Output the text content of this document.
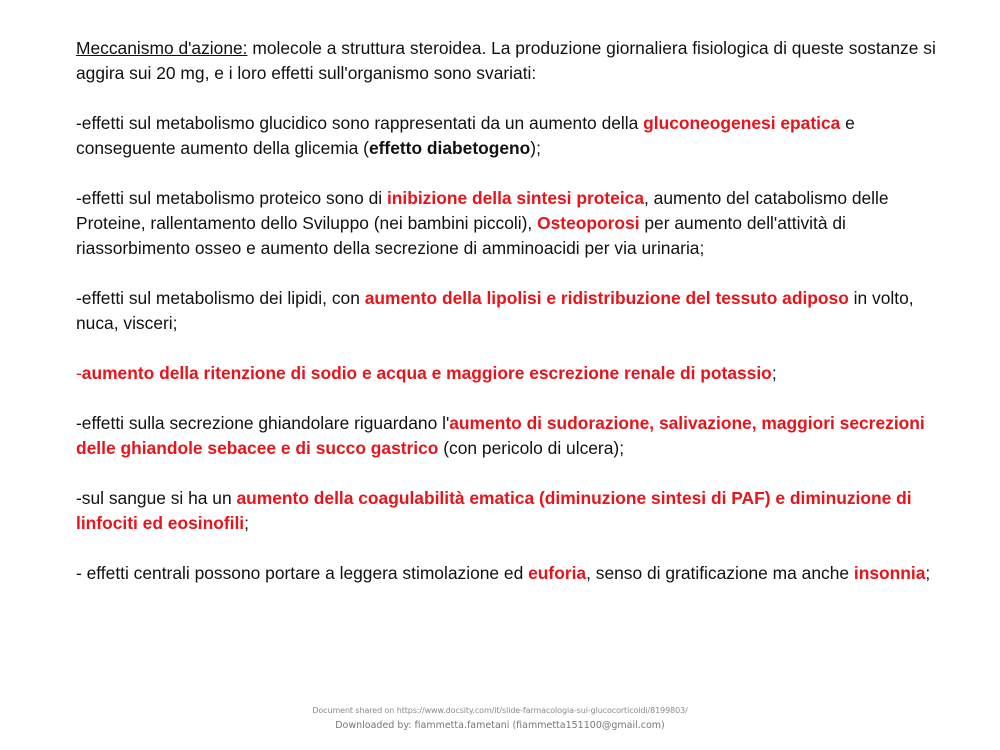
Meccanismo d'azione: molecole a struttura steroidea. La produzione giornaliera fisiologica di queste sostanze si aggira sui 20 mg, e i loro effetti sull'organismo sono svariati:

-effetti sul metabolismo glucidico sono rappresentati da un aumento della gluconeogenesi epatica e conseguente aumento della glicemia (effetto diabetogeno);

-effetti sul metabolismo proteico sono di inibizione della sintesi proteica, aumento del catabolismo delle Proteine, rallentamento dello Sviluppo (nei bambini piccoli), Osteoporosi per aumento dell'attività di riassorbimento osseo e aumento della secrezione di amminoacidi per via urinaria;

-effetti sul metabolismo dei lipidi, con aumento della lipolisi e ridistribuzione del tessuto adiposo in volto, nuca, visceri;

-aumento della ritenzione di sodio e acqua e maggiore escrezione renale di potassio;

-effetti sulla secrezione ghiandolare riguardano l'aumento di sudorazione, salivazione, maggiori secrezioni delle ghiandole sebacee e di succo gastrico (con pericolo di ulcera);

-sul sangue si ha un aumento della coagulabilità ematica (diminuzione sintesi di PAF) e diminuzione di linfociti ed eosinofili;

- effetti centrali possono portare a leggera stimolazione ed euforia, senso di gratificazione ma anche insonnia;

Document shared on https://www.docsity.com/it/slide-farmacologia-sui-glucocorticoidi/8199803/
Downloaded by: fiammetta.fametani (fiammetta151100@gmail.com)
